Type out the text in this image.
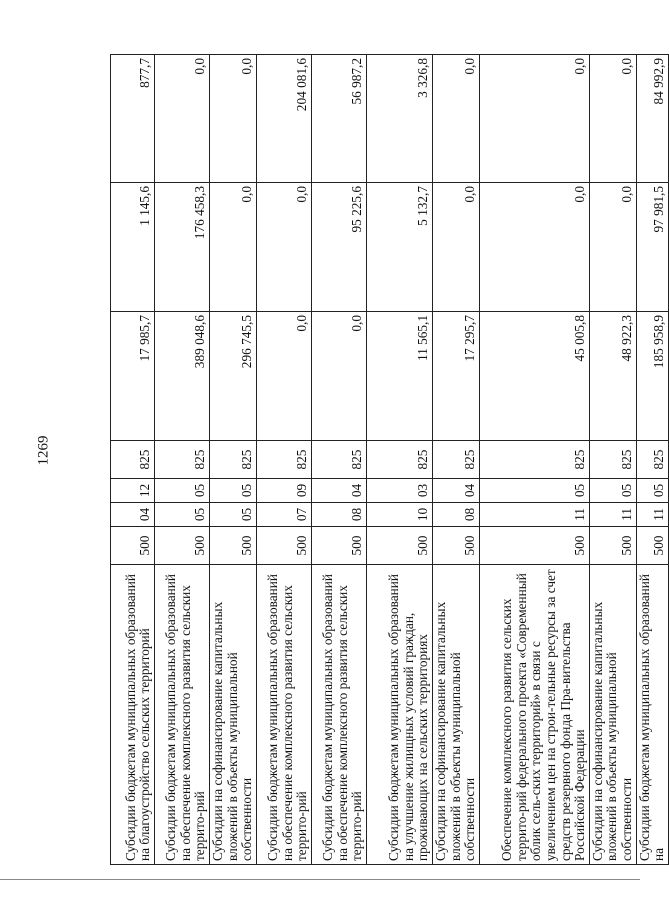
1269
Субсидии бюджетам муниципальных образований на благоустройство сельских территорий	500	04	12	825	17 985,7	1 145,6	877,7
Субсидии бюджетам муниципальных образований на обеспечение комплексного развития сельских террито-рий	500	05	05	825	389 048,6	176 458,3	0,0
Субсидии на софинансирование капитальных вложений в объекты муниципальной собственности	500	05	05	825	296 745,5	0,0	0,0
Субсидии бюджетам муниципальных образований на обеспечение комплексного развития сельских террито-рий	500	07	09	825	0,0	0,0	204 081,6
Субсидии бюджетам муниципальных образований на обеспечение комплексного развития сельских террито-рий	500	08	04	825	0,0	95 225,6	56 987,2
Субсидии бюджетам муниципальных образований на улучшение жилищных условий граждан, проживающих на сельских территориях	500	10	03	825	11 565,1	5 132,7	3 326,8
Субсидии на софинансирование капитальных вложений в объекты муниципальной собственности	500	08	04	825	17 295,7	0,0	0,0
Обеспечение комплексного развития сельских террито-рий федерального проекта «Современный облик сель-ских территорий» в связи с увеличением цен на строи-тельные ресурсы за счет средств резервного фонда Пра-вительства Российской Федерации	500	11	05	825	45 005,8	0,0	0,0
Субсидии на софинансирование капитальных вложений в объекты муниципальной собственности	500	11	05	825	48 922,3	0,0	0,0
Субсидии бюджетам муниципальных образований на	500	11	05	825	185 958,9	97 981,5	84 992,9
